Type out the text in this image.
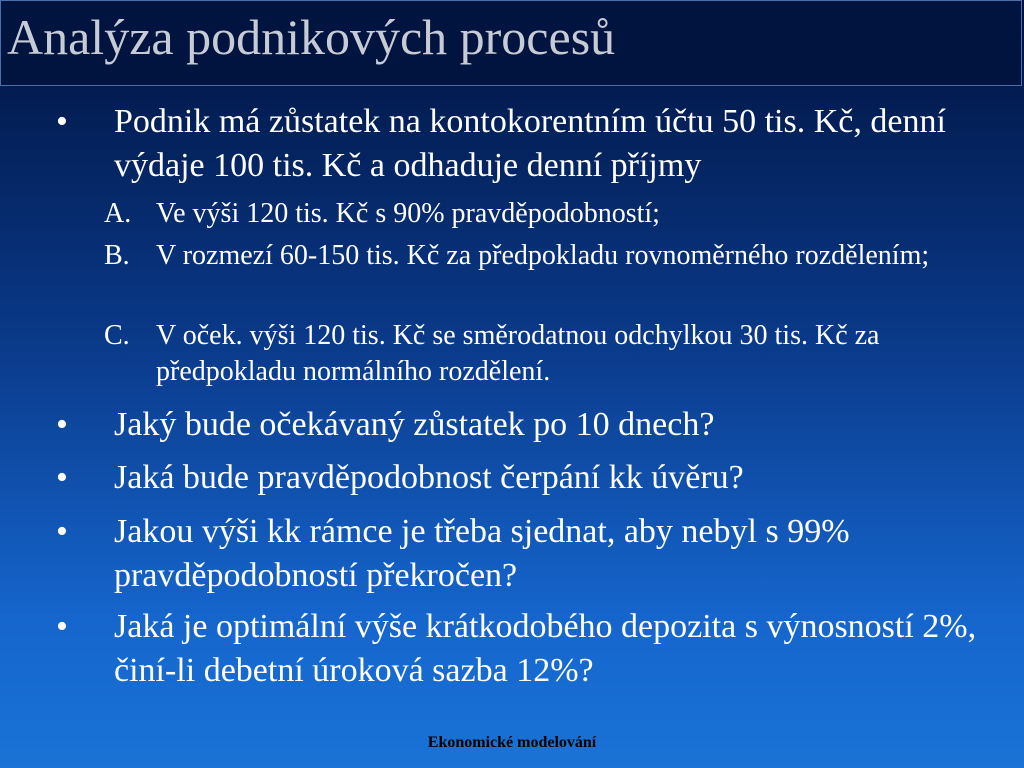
Analýza podnikových procesů
• Podnik má zůstatek na kontokorentním účtu 50 tis. Kč, denní výdaje 100 tis. Kč a odhaduje denní příjmy
A. Ve výši 120 tis. Kč s 90% pravděpodobností;
B. V rozmezí 60-150 tis. Kč za předpokladu rovnoměrného rozdělením;
C. V oček. výši 120 tis. Kč se směrodatnou odchylkou 30 tis. Kč za předpokladu normálního rozdělení.
• Jaký bude očekávaný zůstatek po 10 dnech?
• Jaká bude pravděpodobnost čerpání kk úvěru?
• Jakou výši kk rámce je třeba sjednat, aby nebyl s 99% pravděpodobností překročen?
• Jaká je optimální výše krátkodobého depozita s výnosností 2%, činí-li debetní úroková sazba 12%?
Ekonomické modelování
